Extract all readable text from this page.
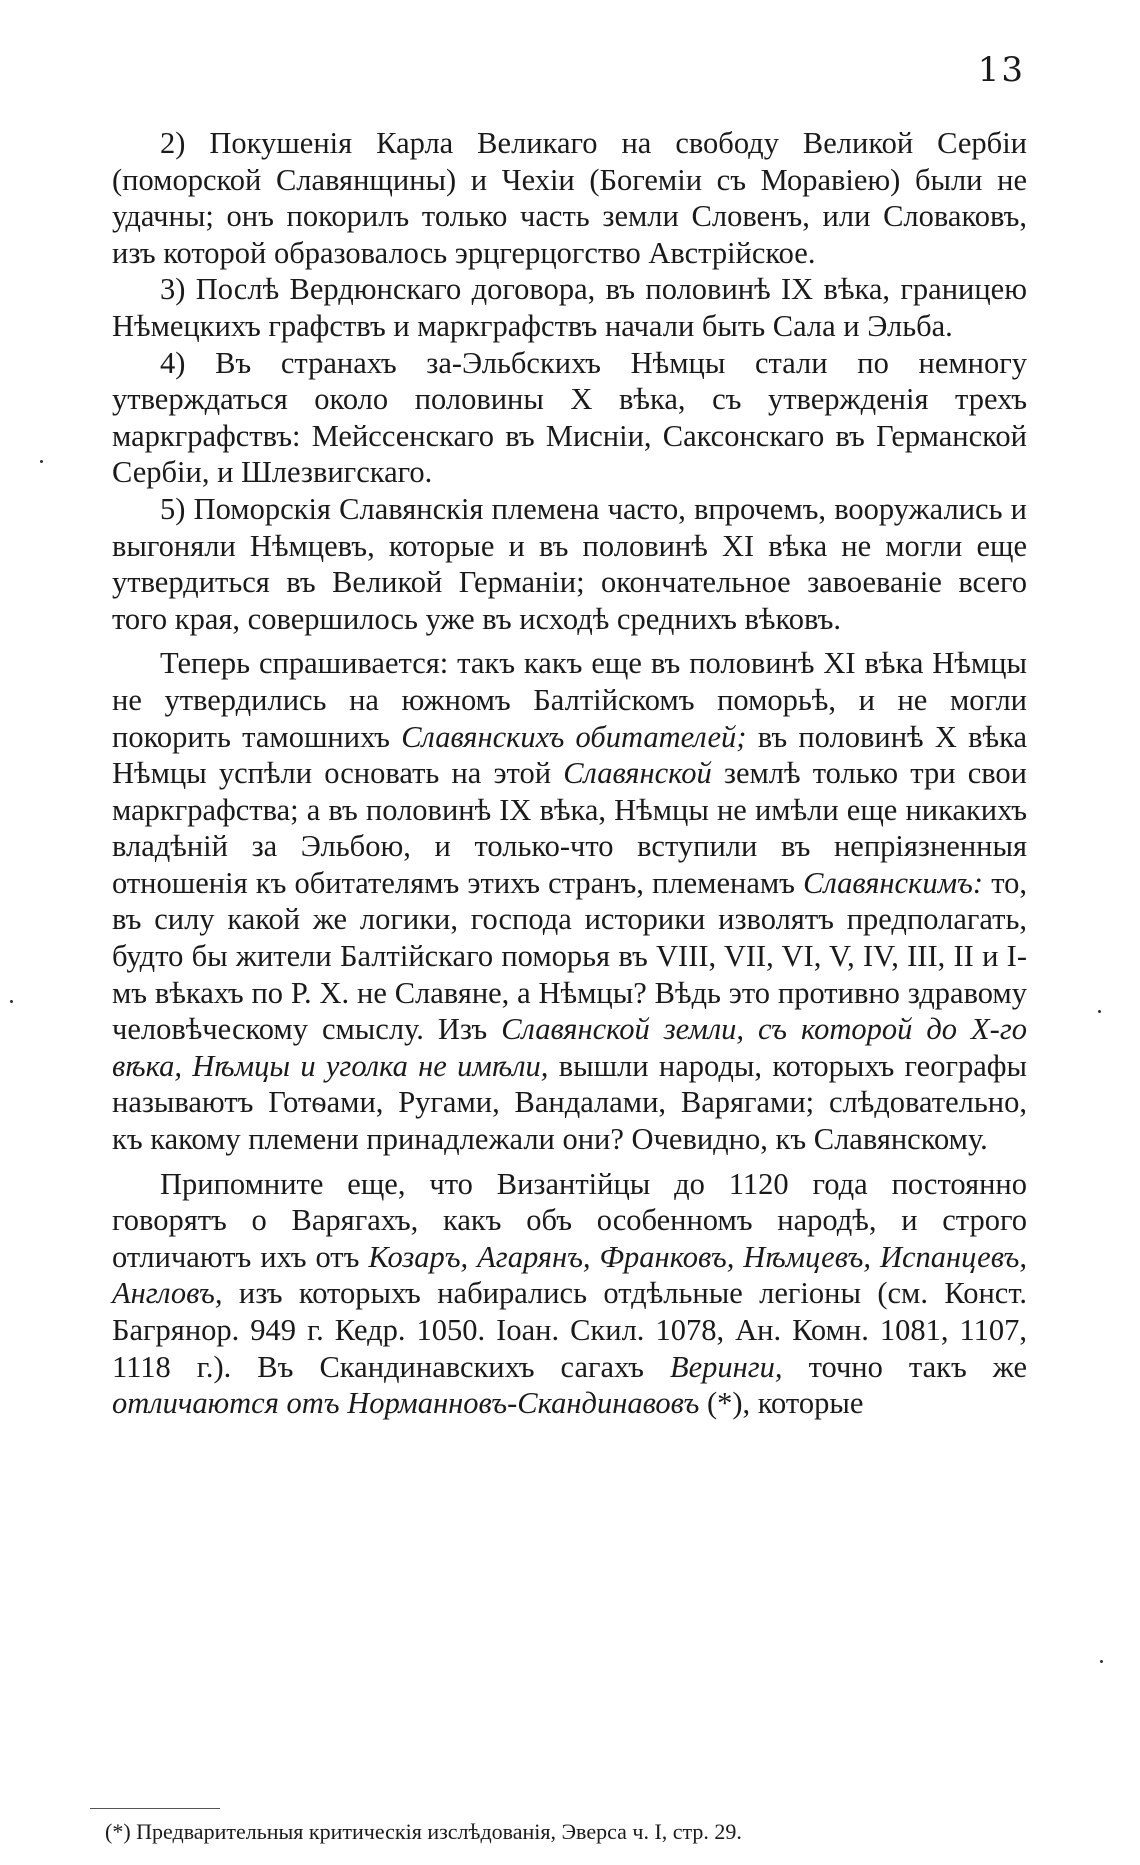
13

2) Покушенія Карла Великаго на свободу Великой Сербіи (поморской Славянщины) и Чехіи (Богеміи съ Моравіею) были не удачны; онъ покорилъ только часть земли Словенъ, или Словаковъ, изъ которой образовалось эрцгерцогство Австрійское.

3) Послѣ Вердюнскаго договора, въ половинѣ IX вѣка, границею Нѣмецкихъ графствъ и маркграфствъ начали быть Сала и Эльба.

4) Въ странахъ за-Эльбскихъ Нѣмцы стали по немногу утверждаться около половины X вѣка, съ утвержденія трехъ маркграфствъ: Мейссенскаго въ Мисніи, Саксонскаго въ Германской Сербіи, и Шлезвигскаго.

5) Поморскія Славянскія племена часто, впрочемъ, вооружались и выгоняли Нѣмцевъ, которые и въ половинѣ XI вѣка не могли еще утвердиться въ Великой Германіи; окончательное завоеваніе всего того края, совершилось уже въ исходѣ среднихъ вѣковъ.

Теперь спрашивается: такъ какъ еще въ половинѣ XI вѣка Нѣмцы не утвердились на южномъ Балтійскомъ поморьѣ, и не могли покорить тамошнихъ Славянскихъ обитателей; въ половинѣ X вѣка Нѣмцы успѣли основать на этой Славянской землѣ только три свои маркграфства; а въ половинѣ IX вѣка, Нѣмцы не имѣли еще никакихъ владѣній за Эльбою, и только-что вступили въ непріязненныя отношенія къ обитателямъ этихъ странъ, племенамъ Славянскимъ: то, въ силу какой же логики, господа историки изволятъ предполагать, будто бы жители Балтійскаго поморья въ VIII, VII, VI, V, IV, III, II и I-мъ вѣкахъ по Р. Х. не Славяне, а Нѣмцы? Вѣдь это противно здравому человѣческому смыслу. Изъ Славянской земли, съ которой до X-го вѣка, Нѣмцы и уголка не имѣли, вышли народы, которыхъ географы называютъ Готѳами, Ругами, Вандалами, Варягами; слѣдовательно, къ какому племени принадлежали они? Очевидно, къ Славянскому.

Припомните еще, что Византійцы до 1120 года постоянно говорятъ о Варягахъ, какъ объ особенномъ народѣ, и строго отличаютъ ихъ отъ Козаръ, Агарянъ, Франковъ, Нѣмцевъ, Испанцевъ, Англовъ, изъ которыхъ набирались отдѣльные легіоны (см. Конст. Багрянор. 949 г. Кедр. 1050. Іоан. Скил. 1078, Ан. Комн. 1081, 1107, 1118 г.). Въ Скандинавскихъ сагахъ Веринги, точно такъ же отличаются отъ Норманновъ-Скандинавовъ (*), которые

(*) Предварительныя критическія изслѣдованія, Эверса ч. I, стр. 29.
